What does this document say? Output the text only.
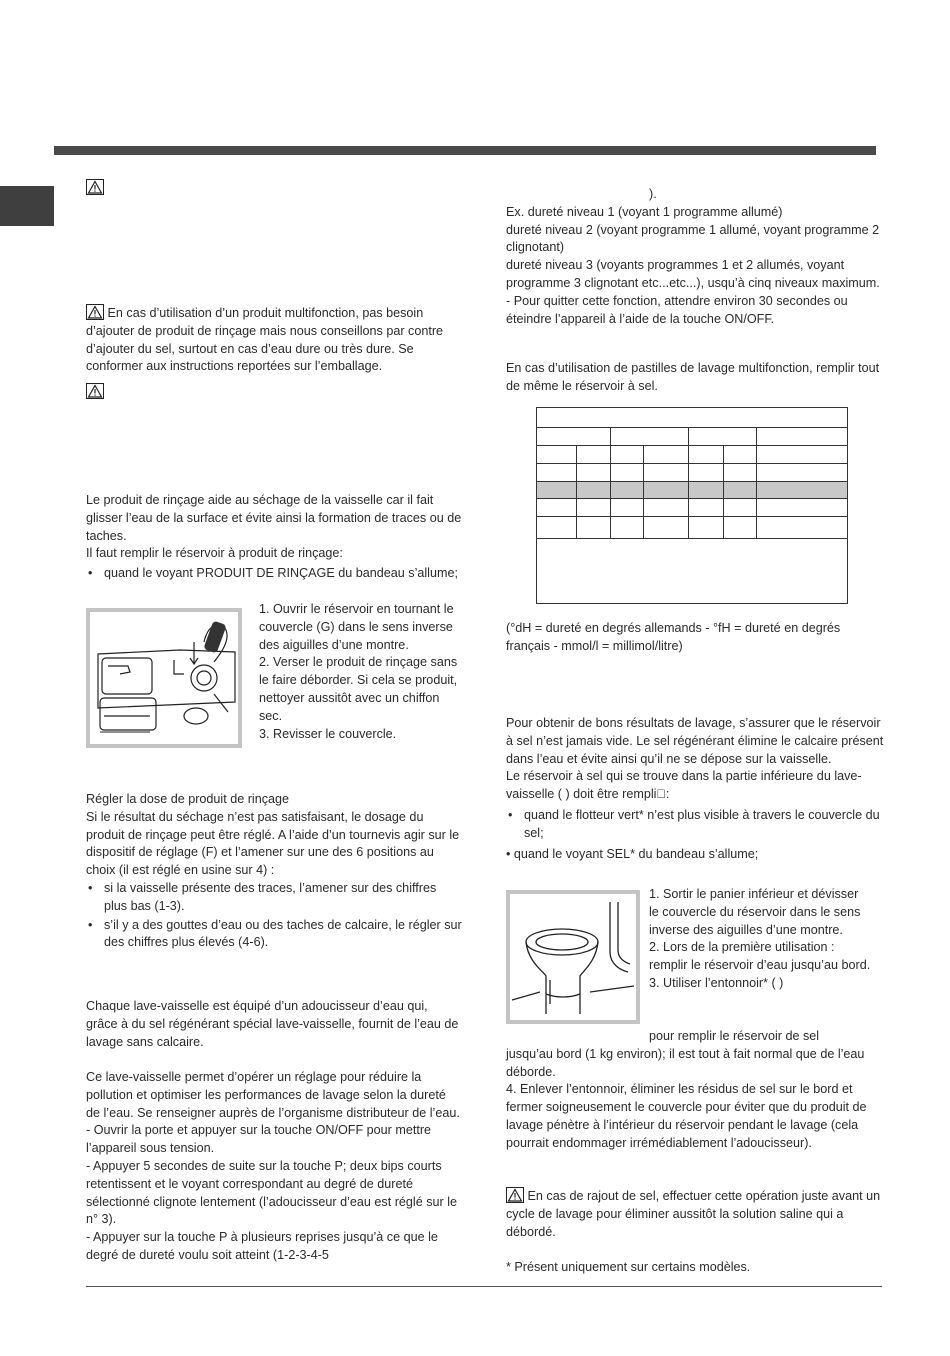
En cas d’utilisation d’un produit multifonction, pas besoin d’ajouter de produit de rinçage mais nous conseillons par contre d’ajouter du sel, surtout en cas d’eau dure ou très dure. Se conformer aux instructions reportées sur l’emballage.

Le produit de rinçage aide au séchage de la vaisselle car il fait glisser l’eau de la surface et évite ainsi la formation de traces ou de taches.

Il faut remplir le réservoir à produit de rinçage:

• quand le voyant PRODUIT DE RINÇAGE du bandeau s’allume;

1. Ouvrir le réservoir en tournant le couvercle (G) dans le sens inverse des aiguilles d’une montre.

2. Verser le produit de rinçage sans le faire déborder. Si cela se produit, nettoyer aussitôt avec un chiffon sec.

3. Revisser le couvercle.

Régler la dose de produit de rinçage

Si le résultat du séchage n’est pas satisfaisant, le dosage du produit de rinçage peut être réglé. A l’aide d’un tournevis agir sur le dispositif de réglage (F) et l’amener sur une des 6 positions au choix (il est réglé en usine sur 4) :

• si la vaisselle présente des traces, l’amener sur des chiffres plus bas (1-3).

• s’il y a des gouttes d’eau ou des taches de calcaire, le régler sur des chiffres plus élevés (4-6).

Chaque lave-vaisselle est équipé d’un adoucisseur d’eau qui, grâce à du sel régénérant spécial lave-vaisselle, fournit de l’eau de lavage sans calcaire.

Ce lave-vaisselle permet d’opérer un réglage pour réduire la pollution et optimiser les performances de lavage selon la dureté de l’eau. Se renseigner auprès de l’organisme distributeur de l’eau.

- Ouvrir la porte et appuyer sur la touche ON/OFF pour mettre l’appareil sous tension.

- Appuyer 5 secondes de suite sur la touche P; deux bips courts retentissent et le voyant correspondant au degré de dureté sélectionné clignote lentement (l’adoucisseur d’eau est réglé sur le n° 3).

- Appuyer sur la touche P à plusieurs reprises jusqu’à ce que le degré de dureté voulu soit atteint (1-2-3-4-5

).

Ex. dureté niveau 1 (voyant 1 programme allumé)

dureté niveau 2 (voyant programme 1 allumé, voyant programme 2 clignotant)

dureté niveau 3 (voyants programmes 1 et 2 allumés, voyant programme 3 clignotant etc...etc...), usqu’à cinq niveaux maximum.

- Pour quitter cette fonction, attendre environ 30 secondes ou éteindre l’appareil à l’aide de la touche ON/OFF.

En cas d’utilisation de pastilles de lavage multifonction, remplir tout de même le réservoir à sel.

(°dH = dureté en degrés allemands - °fH = dureté en degrés français - mmol/l = millimol/litre)

Pour obtenir de bons résultats de lavage, s’assurer que le réservoir à sel n’est jamais vide. Le sel régénérant élimine le calcaire présent dans l’eau et évite ainsi qu’il ne se dépose sur la vaisselle.

Le réservoir à sel qui se trouve dans la partie inférieure du lave-vaisselle ( ) doit être rempli :

• quand le flotteur vert* n’est plus visible à travers le couvercle du sel;

• quand le voyant SEL* du bandeau s’allume;

1. Sortir le panier inférieur et dévisser le couvercle du réservoir dans le sens inverse des aiguilles d’une montre.

2. Lors de la première utilisation : remplir le réservoir d’eau jusqu’au bord.

3. Utiliser l’entonnoir* ( )

pour remplir le réservoir de sel

jusqu’au bord (1 kg environ); il est tout à fait normal que de l’eau déborde.

4. Enlever l’entonnoir, éliminer les résidus de sel sur le bord et fermer soigneusement le couvercle pour éviter que du produit de lavage pénètre à l’intérieur du réservoir pendant le lavage (cela pourrait endommager irrémédiablement l’adoucisseur).

En cas de rajout de sel, effectuer cette opération juste avant un cycle de lavage pour éliminer aussitôt la solution saline qui a débordé.

* Présent uniquement sur certains modèles.
